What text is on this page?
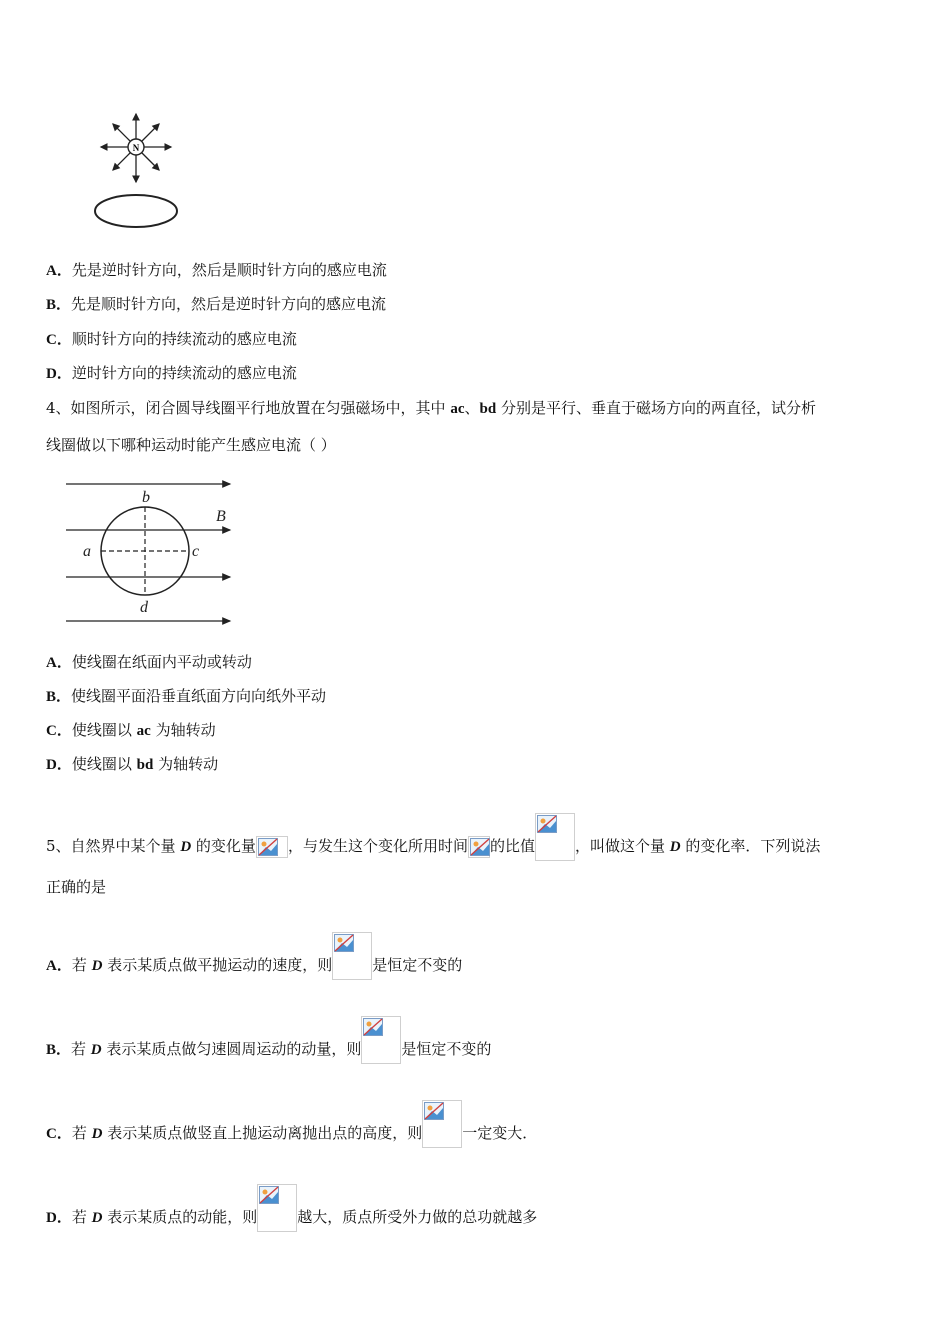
N
A．先是逆时针方向，然后是顺时针方向的感应电流
B．先是顺时针方向，然后是逆时针方向的感应电流
C．顺时针方向的持续流动的感应电流
D．逆时针方向的持续流动的感应电流
4、如图所示，闭合圆导线圈平行地放置在匀强磁场中，其中 ac、bd 分别是平行、垂直于磁场方向的两直径，试分析
线圈做以下哪种运动时能产生感应电流（ ）
b
B
a	c
d
A．使线圈在纸面内平动或转动
B．使线圈平面沿垂直纸面方向向纸外平动
C．使线圈以 ac 为轴转动
D．使线圈以 bd 为轴转动
5、自然界中某个量 D 的变化量 ，与发生这个变化所用时间 的比值	，叫做这个量 D 的变化率．下列说法
正确的是
A．若 D 表示某质点做平抛运动的速度，则	是恒定不变的
B．若 D 表示某质点做匀速圆周运动的动量，则	是恒定不变的
C．若 D 表示某质点做竖直上抛运动离抛出点的高度，则	一定变大．
D．若 D 表示某质点的动能，则	越大，质点所受外力做的总功就越多
